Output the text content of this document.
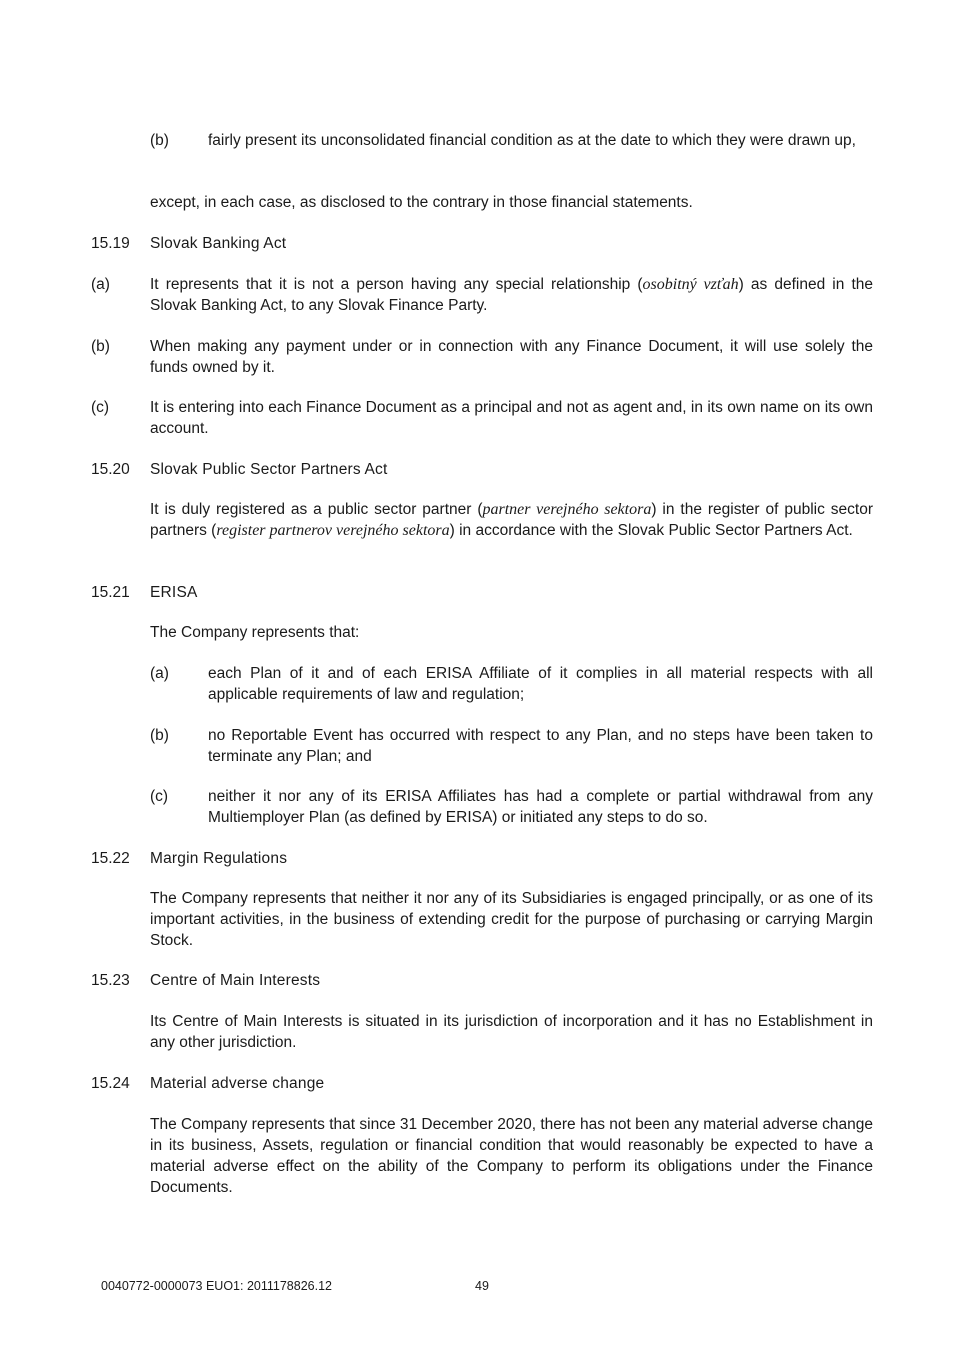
(b)	fairly present its unconsolidated financial condition as at the date to which they were drawn up,
except, in each case, as disclosed to the contrary in those financial statements.
15.19 Slovak Banking Act
(a)	It represents that it is not a person having any special relationship (osobitný vzťah) as defined in the Slovak Banking Act, to any Slovak Finance Party.
(b)	When making any payment under or in connection with any Finance Document, it will use solely the funds owned by it.
(c)	It is entering into each Finance Document as a principal and not as agent and, in its own name on its own account.
15.20 Slovak Public Sector Partners Act
It is duly registered as a public sector partner (partner verejného sektora) in the register of public sector partners (register partnerov verejného sektora) in accordance with the Slovak Public Sector Partners Act.
15.21 ERISA
The Company represents that:
(a)	each Plan of it and of each ERISA Affiliate of it complies in all material respects with all applicable requirements of law and regulation;
(b)	no Reportable Event has occurred with respect to any Plan, and no steps have been taken to terminate any Plan; and
(c)	neither it nor any of its ERISA Affiliates has had a complete or partial withdrawal from any Multiemployer Plan (as defined by ERISA) or initiated any steps to do so.
15.22 Margin Regulations
The Company represents that neither it nor any of its Subsidiaries is engaged principally, or as one of its important activities, in the business of extending credit for the purpose of purchasing or carrying Margin Stock.
15.23 Centre of Main Interests
Its Centre of Main Interests is situated in its jurisdiction of incorporation and it has no Establishment in any other jurisdiction.
15.24 Material adverse change
The Company represents that since 31 December 2020, there has not been any material adverse change in its business, Assets, regulation or financial condition that would reasonably be expected to have a material adverse effect on the ability of the Company to perform its obligations under the Finance Documents.
0040772-0000073 EUO1: 2011178826.12	49
